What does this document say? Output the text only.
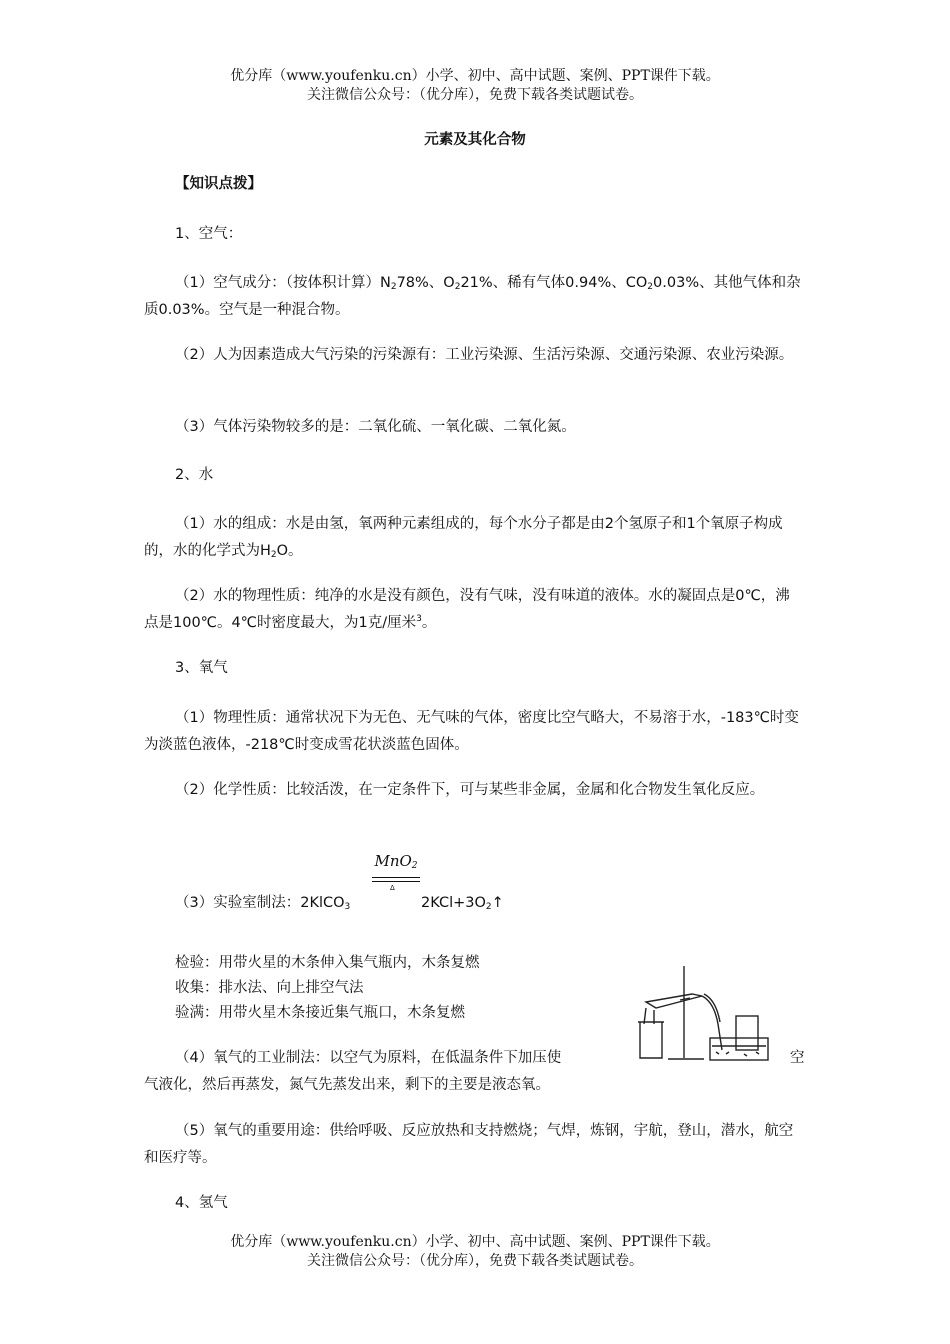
优分库（www.youfenku.cn）小学、初中、高中试题、案例、PPT课件下载。
关注微信公众号：（优分库），免费下载各类试题试卷。
元素及其化合物
【知识点拨】
1、空气：

（1）空气成分：（按体积计算）$N_278\%$、$O_221\%$、稀有气体0.94%、$CO_20.03\%$、其他气体和杂质0.03%。空气是一种混合物。

（2）人为因素造成大气污染的污染源有：工业污染源、生活污染源、交通污染源、农业污染源。

（3）气体污染物较多的是：二氧化硫、一氧化碳、二氧化氮。

2、水

（1）水的组成：水是由氢，氧两种元素组成的，每个水分子都是由2个氢原子和1个氧原子构成的，水的化学式为$H_2O$。

（2）水的物理性质：纯净的水是没有颜色，没有气味，没有味道的液体。水的凝固点是0℃，沸点是100℃。4℃时密度最大，为1克/厘米$^3$。

3、氧气

（1）物理性质：通常状况下为无色、无气味的气体，密度比空气略大，不易溶于水，-183℃时变为淡蓝色液体，-218℃时变成雪花状淡蓝色固体。

（2）化学性质：比较活泼，在一定条件下，可与某些非金属，金属和化合物发生氧化反应。

MnO$_2$
Δ
（3）实验室制法：2KlCO$_3$	$2KCl+3O_2↑$
检验：用带火星的木条伸入集气瓶内，木条复燃
收集：排水法、向上排空气法
验满：用带火星木条接近集气瓶口，木条复燃

（4）氧气的工业制法：以空气为原料，在低温条件下加压使	空

气液化，然后再蒸发，氮气先蒸发出来，剩下的主要是液态氧。

（5）氧气的重要用途：供给呼吸、反应放热和支持燃烧；气焊，炼钢，宇航，登山，潜水，航空和医疗等。

4、氢气
优分库（www.youfenku.cn）小学、初中、高中试题、案例、PPT课件下载。
关注微信公众号：（优分库），免费下载各类试题试卷。
